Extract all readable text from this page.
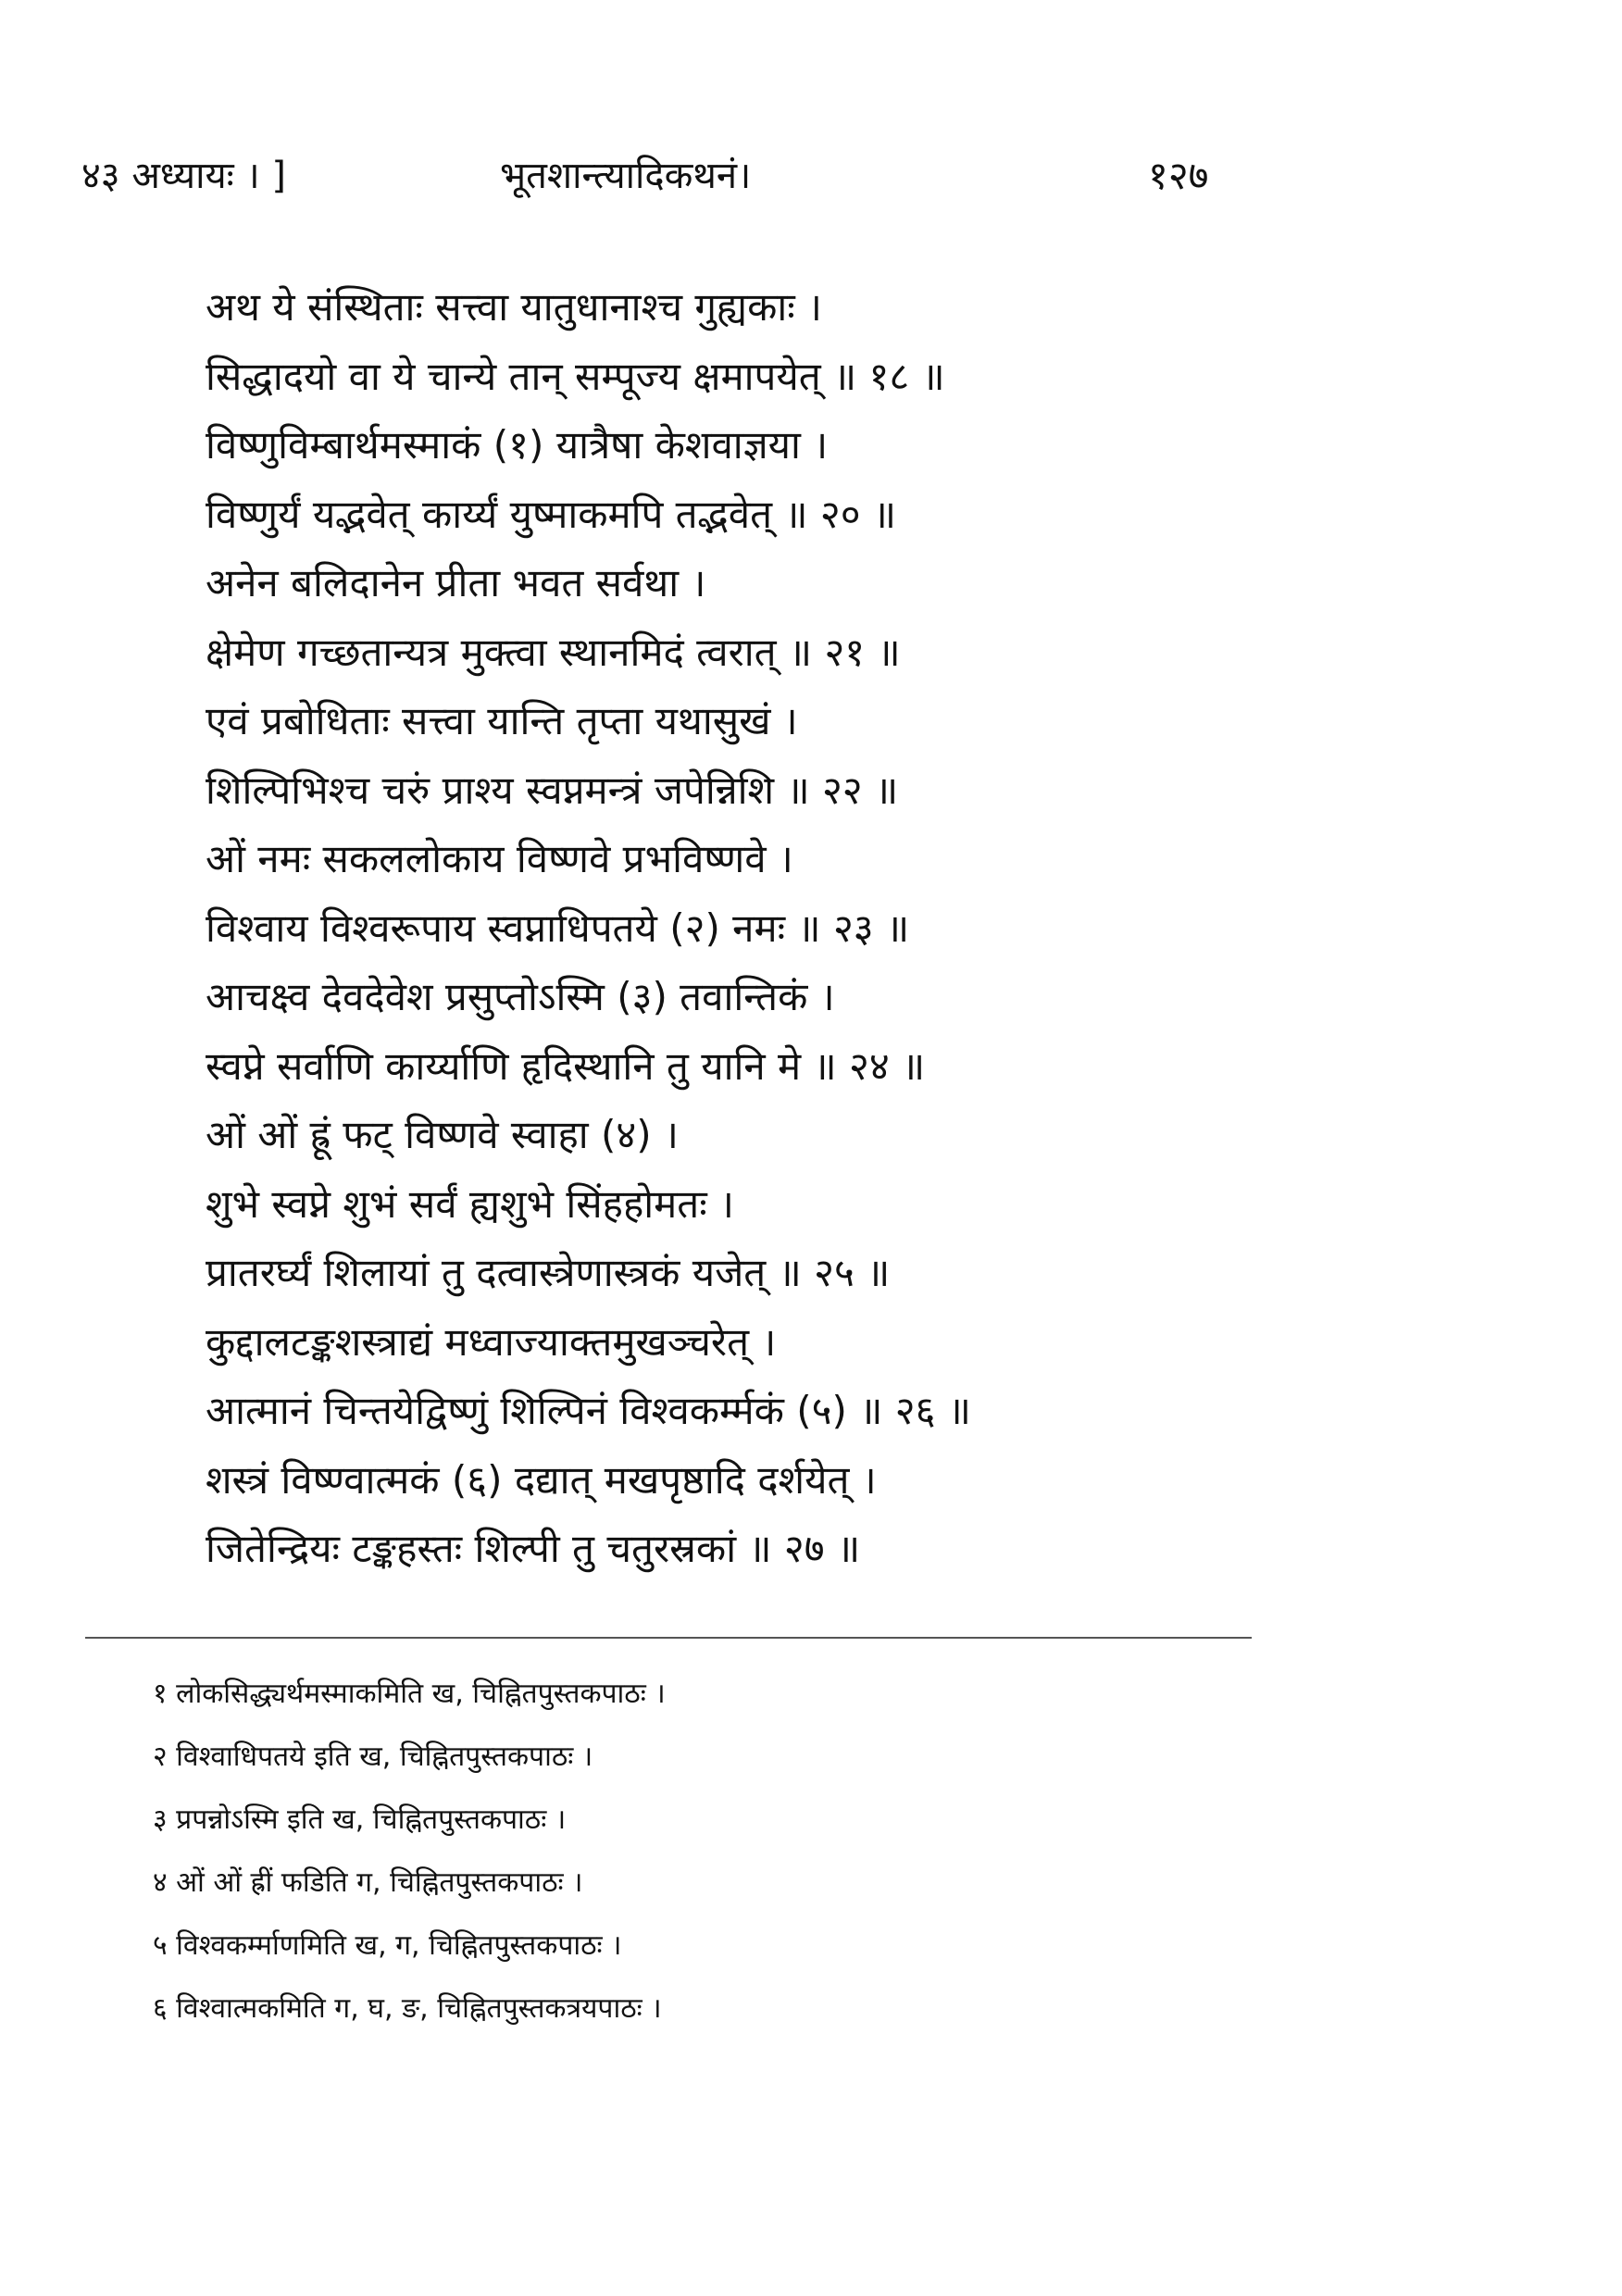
४३ अध्यायः । ]	भूतशान्त्यादिकथनं।	१२७
अथ ये संस्थिताः सत्त्वा यातुधानाश्च गुह्यकाः ।
सिद्धादयो वा ये चान्ये तान् सम्पूज्य क्षमापयेत् ॥ १८ ॥
विष्णुविम्बार्थमस्माकं (१) यात्रैषा केशवाज्ञया ।
विष्णुर्यं यद्भवेत् कार्य्यं युष्माकमपि तद्भवेत् ॥ २० ॥
अनेन बलिदानेन प्रीता भवत सर्वथा ।
क्षेमेण गच्छतान्यत्र मुक्त्वा स्थानमिदं त्वरात् ॥ २१ ॥
एवं प्रबोधिताः सत्त्वा यान्ति तृप्ता यथासुखं ।
शिल्पिभिश्च चरुं प्राश्य स्वप्नमन्त्रं जपेन्निशि ॥ २२ ॥
ओं नमः सकललोकाय विष्णवे प्रभविष्णवे ।
विश्वाय विश्वरूपाय स्वप्नाधिपतये (२) नमः ॥ २३ ॥
आचक्ष्व देवदेवेश प्रसुप्तोऽस्मि (३) तवान्तिकं ।
स्वप्ने सर्वाणि कार्य्याणि हृदिस्थानि तु यानि मे ॥ २४ ॥
ओं ओं ह्रूं फट् विष्णवे स्वाहा (४) ।
शुभे स्वप्ने शुभं सर्वं ह्यशुभे सिंहहोमतः ।
प्रातरर्घ्यं शिलायां तु दत्वास्त्रेणास्त्रकं यजेत् ॥ २५ ॥
कुद्दालटङ्कशस्त्राद्यं मध्वाज्याक्तमुखञ्चरेत् ।
आत्मानं चिन्तयेद्विष्णुं शिल्पिनं विश्वकर्म्मकं (५) ॥ २६ ॥
शस्त्रं विष्ण्वात्मकं (६) दद्यात् मखपृष्ठादि दर्शयेत् ।
जितेन्द्रियः टङ्कहस्तः शिल्पी तु चतुरस्रकां ॥ २७ ॥
१ लोकसिद्ध्यर्थमस्माकमिति ख, चिह्नितपुस्तकपाठः ।
२ विश्वाधिपतये इति ख, चिह्नितपुस्तकपाठः ।
३ प्रपन्नोऽस्मि इति ख, चिह्नितपुस्तकपाठः ।
४ ओं ओं ह्रीं फडिति ग, चिह्नितपुस्तकपाठः ।
५ विश्वकर्म्माणमिति ख, ग, चिह्नितपुस्तकपाठः ।
६ विश्वात्मकमिति ग, घ, ङ, चिह्नितपुस्तकत्रयपाठः ।
